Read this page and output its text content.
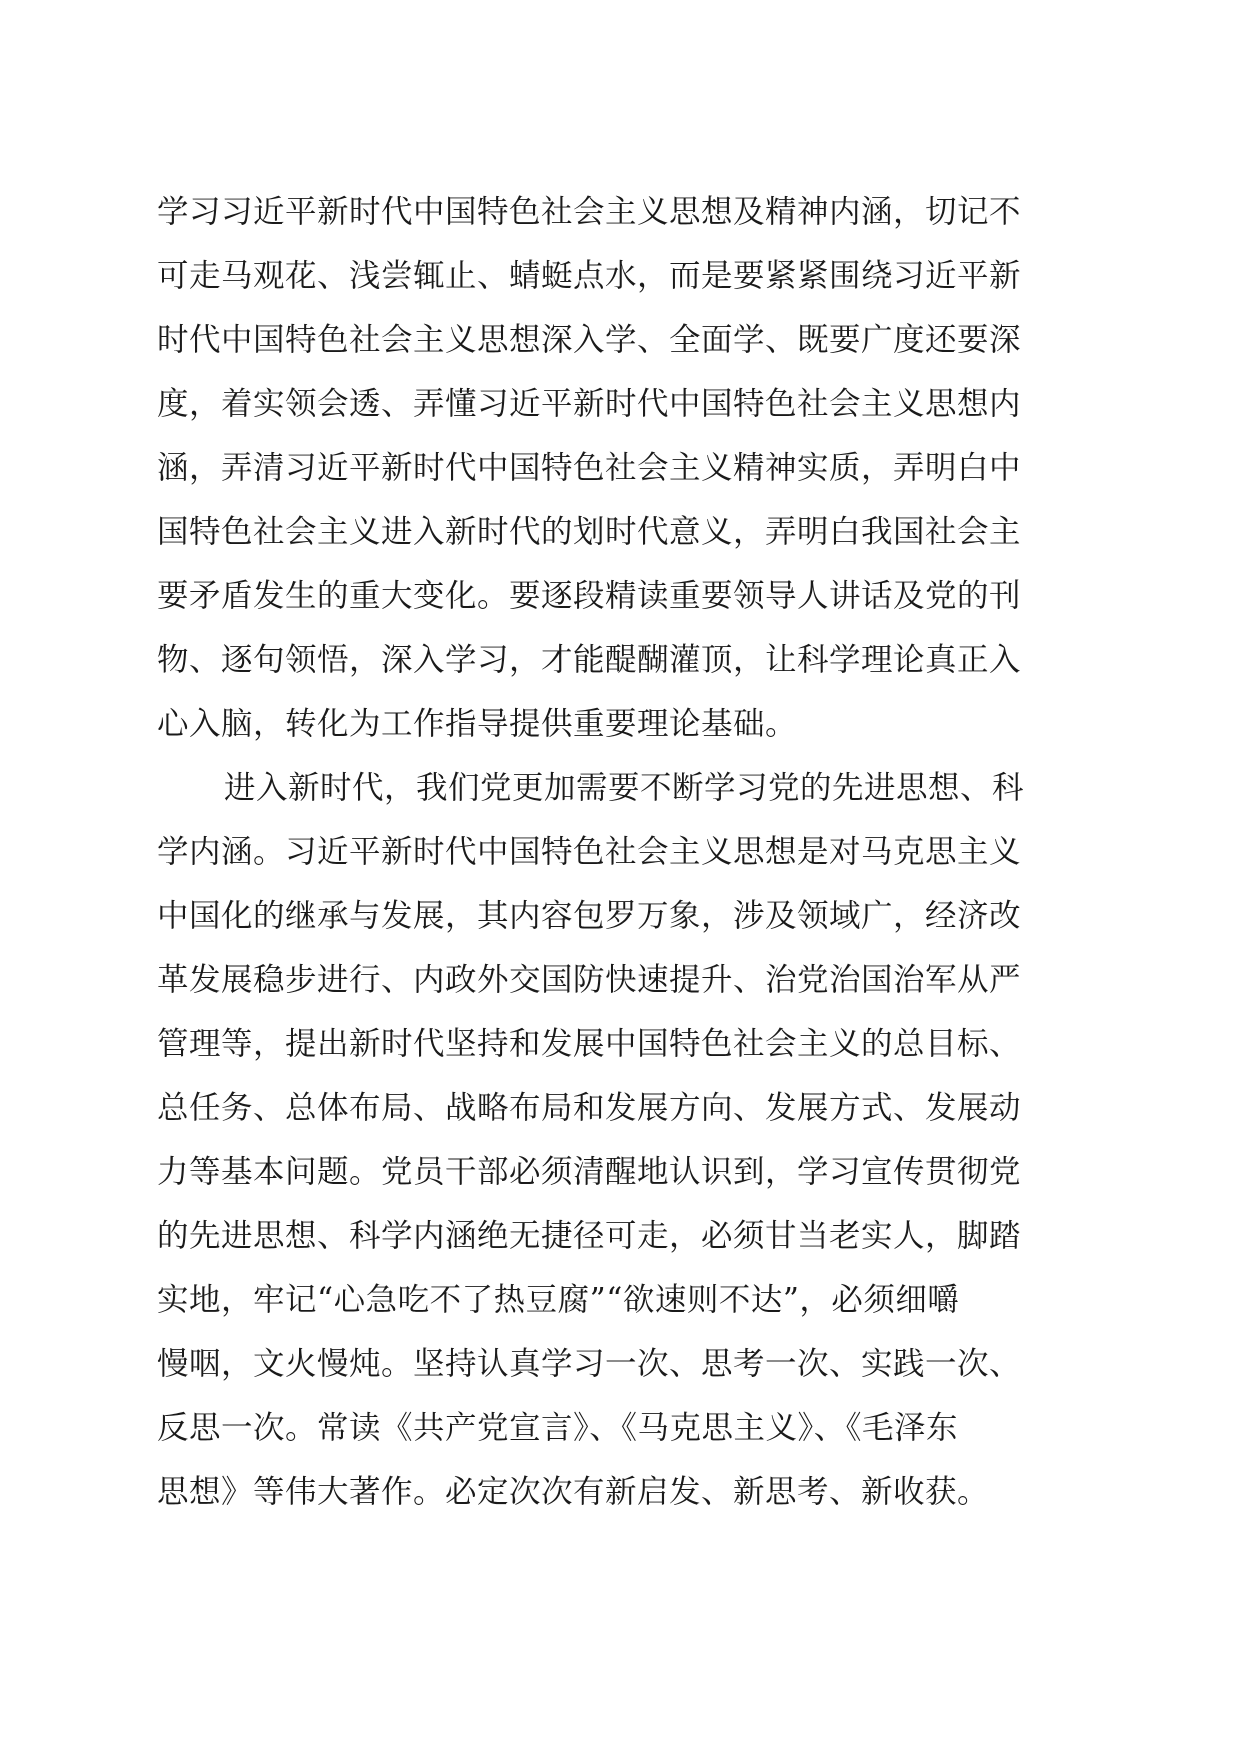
学习习近平新时代中国特色社会主义思想及精神内涵，切记不
可走马观花、浅尝辄止、蜻蜓点水，而是要紧紧围绕习近平新
时代中国特色社会主义思想深入学、全面学、既要广度还要深
度，着实领会透、弄懂习近平新时代中国特色社会主义思想内
涵，弄清习近平新时代中国特色社会主义精神实质，弄明白中
国特色社会主义进入新时代的划时代意义，弄明白我国社会主
要矛盾发生的重大变化。要逐段精读重要领导人讲话及党的刊
物、逐句领悟，深入学习，才能醍醐灌顶，让科学理论真正入
心入脑，转化为工作指导提供重要理论基础。
进入新时代，我们党更加需要不断学习党的先进思想、科
学内涵。习近平新时代中国特色社会主义思想是对马克思主义
中国化的继承与发展，其内容包罗万象，涉及领域广，经济改
革发展稳步进行、内政外交国防快速提升、治党治国治军从严
管理等，提出新时代坚持和发展中国特色社会主义的总目标、
总任务、总体布局、战略布局和发展方向、发展方式、发展动
力等基本问题。党员干部必须清醒地认识到，学习宣传贯彻党
的先进思想、科学内涵绝无捷径可走，必须甘当老实人，脚踏
实地，牢记“心急吃不了热豆腐”“欲速则不达”，必须细嚼
慢咽，文火慢炖。坚持认真学习一次、思考一次、实践一次、
反思一次。常读《共产党宣言》、《马克思主义》、《毛泽东
思想》等伟大著作。必定次次有新启发、新思考、新收获。
